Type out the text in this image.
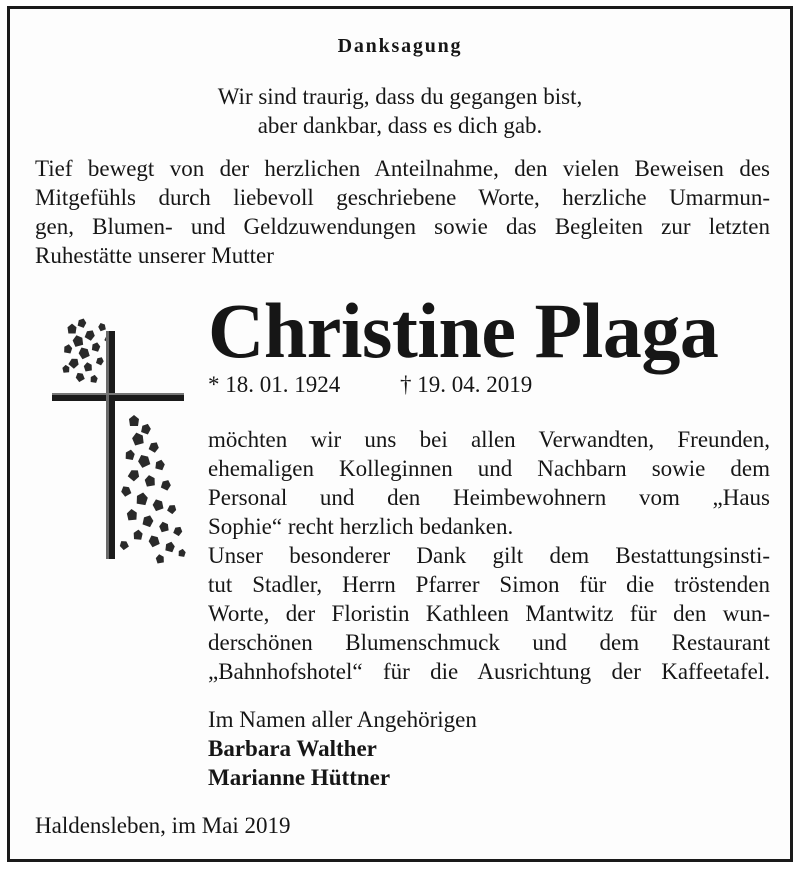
Danksagung
Wir sind traurig, dass du gegangen bist,
aber dankbar, dass es dich gab.
Tief bewegt von der herzlichen Anteilnahme, den vielen Beweisen des
Mitgefühls durch liebevoll geschriebene Worte, herzliche Umarmun-
gen, Blumen- und Geldzuwendungen sowie das Begleiten zur letzten
Ruhestätte unserer Mutter
Christine Plaga
* 18. 01. 1924	† 19. 04. 2019
möchten wir uns bei allen Verwandten, Freunden,
ehemaligen Kolleginnen und Nachbarn sowie dem
Personal und den Heimbewohnern vom „Haus
Sophie“ recht herzlich bedanken.
Unser besonderer Dank gilt dem Bestattungsinsti-
tut Stadler, Herrn Pfarrer Simon für die tröstenden
Worte, der Floristin Kathleen Mantwitz für den wun-
derschönen Blumenschmuck und dem Restaurant
„Bahnhofshotel“ für die Ausrichtung der Kaffeetafel.
Im Namen aller Angehörigen
Barbara Walther
Marianne Hüttner
Haldensleben, im Mai 2019
